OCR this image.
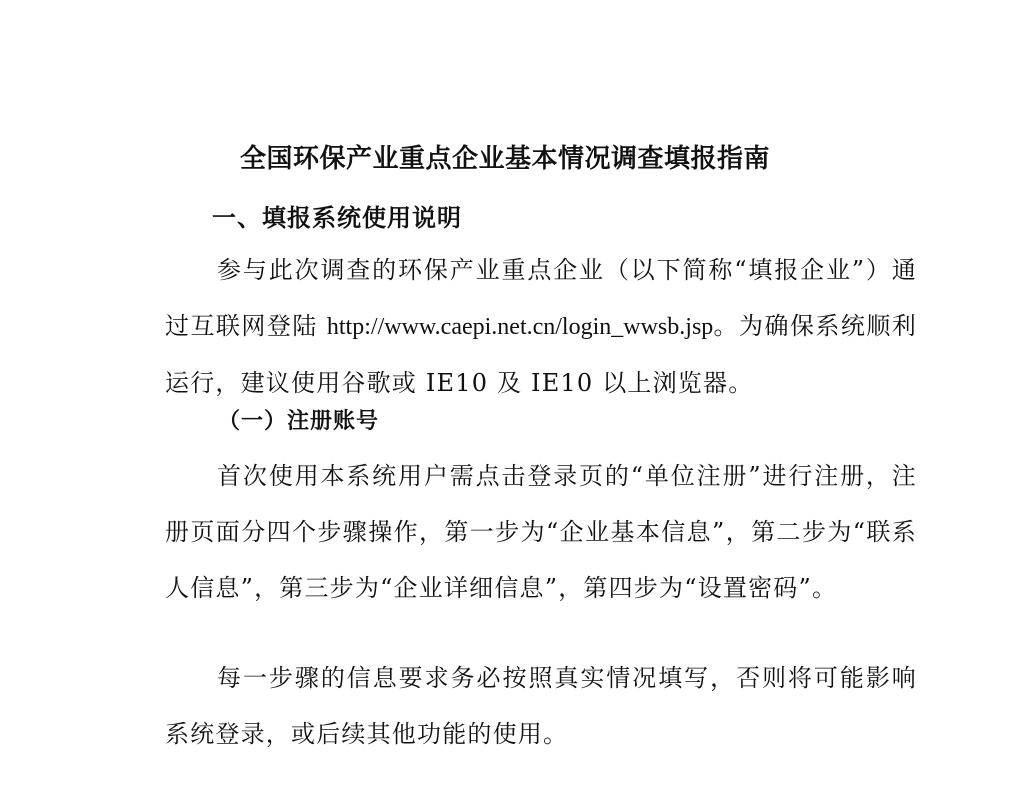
全国环保产业重点企业基本情况调查填报指南
一、填报系统使用说明

参与此次调查的环保产业重点企业（以下简称“填报企业”）通过互联网登陆 http://www.caepi.net.cn/login_wwsb.jsp。为确保系统顺利运行，建议使用谷歌或 IE10 及 IE10 以上浏览器。

（一）注册账号

首次使用本系统用户需点击登录页的“单位注册”进行注册，注册页面分四个步骤操作，第一步为“企业基本信息”，第二步为“联系人信息”，第三步为“企业详细信息”，第四步为“设置密码”。

每一步骤的信息要求务必按照真实情况填写，否则将可能影响系统登录，或后续其他功能的使用。
